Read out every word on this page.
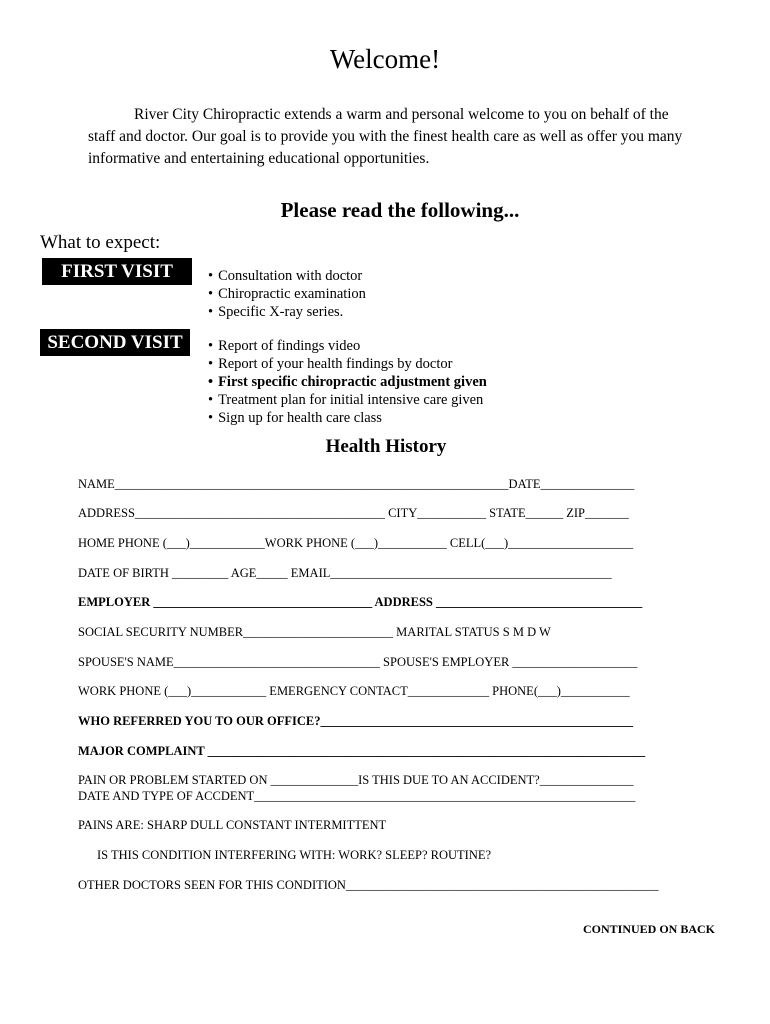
Welcome!
River City Chiropractic extends a warm and personal welcome to you on behalf of the staff and doctor. Our goal is to provide you with the finest health care as well as offer you many informative and entertaining educational opportunities.
Please read the following...
What to expect:
FIRST VISIT	• Consultation with doctor
• Chiropractic examination
• Specific X-ray series.
SECOND VISIT	• Report of findings video
• Report of your health findings by doctor
• First specific chiropractic adjustment given
• Treatment plan for initial intensive care given
• Sign up for health care class
Health History
NAME_______________________________________________________________DATE_______________
ADDRESS________________________________________ CITY___________ STATE______ ZIP_______
HOME PHONE (___)____________WORK PHONE (___)___________ CELL(___)____________________
DATE OF BIRTH _________ AGE_____ EMAIL_____________________________________________
EMPLOYER ___________________________________ ADDRESS _________________________________
SOCIAL SECURITY NUMBER________________________ MARITAL STATUS S M D W
SPOUSE'S NAME_________________________________ SPOUSE'S EMPLOYER ____________________
WORK PHONE (___)____________ EMERGENCY CONTACT_____________ PHONE(___)___________
WHO REFERRED YOU TO OUR OFFICE?__________________________________________________
MAJOR COMPLAINT ______________________________________________________________________
PAIN OR PROBLEM STARTED ON ______________IS THIS DUE TO AN ACCIDENT?_______________
DATE AND TYPE OF ACCDENT_____________________________________________________________
PAINS ARE: SHARP DULL CONSTANT INTERMITTENT
IS THIS CONDITION INTERFERING WITH: WORK? SLEEP? ROUTINE?
OTHER DOCTORS SEEN FOR THIS CONDITION__________________________________________________
CONTINUED ON BACK
